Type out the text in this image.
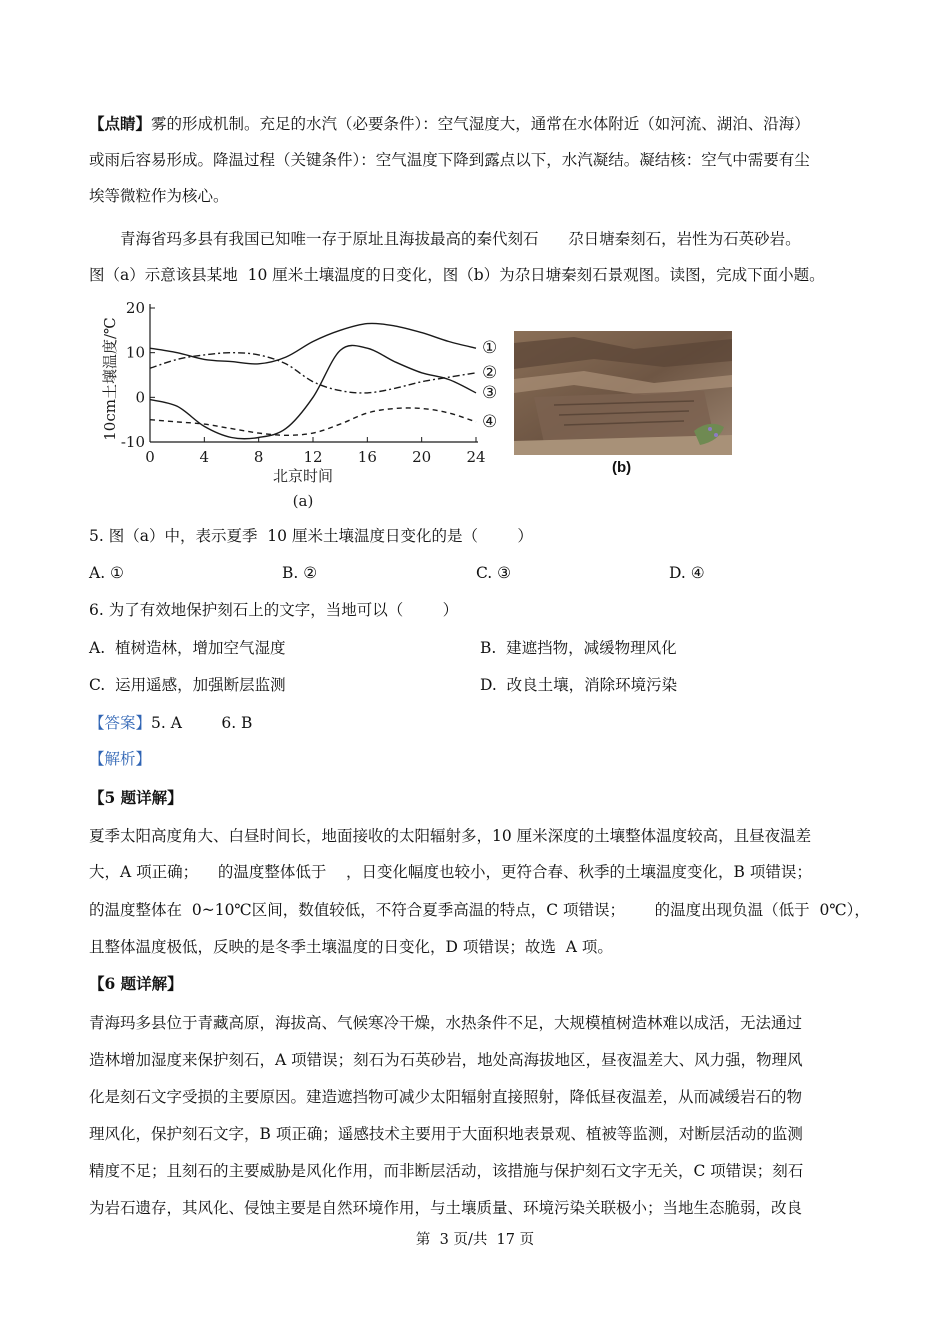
【点睛】雾的形成机制。充足的水汽（必要条件）：空气湿度大，通常在水体附近（如河流、湖泊、沿海）
或雨后容易形成。降温过程（关键条件）：空气温度下降到露点以下，水汽凝结。凝结核：空气中需要有尘
埃等微粒作为核心。
青海省玛多县有我国已知唯一存于原址且海拔最高的秦代刻石      尕日塘秦刻石，岩性为石英砂岩。
图（a）示意该县某地  10 厘米土壤温度的日变化，图（b）为尕日塘秦刻石景观图。读图，完成下面小题。
20
10
0
-10
0	4	8	12 16 20 24
10cm土壤温度/℃
北京时间
(a)
①
②
③
④
(b)
5. 图（a）中，表示夏季  10 厘米土壤温度日变化的是（        ）
A. ①	B. ②	C. ③	D. ④
6. 为了有效地保护刻石上的文字，当地可以（        ）
A.  植树造林，增加空气湿度	B.  建遮挡物，减缓物理风化
C.  运用遥感，加强断层监测	D.  改良土壤，消除环境污染
【答案】5. A        6. B
【解析】
【5 题详解】
夏季太阳高度角大、白昼时间长，地面接收的太阳辐射多，10 厘米深度的土壤整体温度较高，且昼夜温差
大，A 项正确；    的温度整体低于    ，日变化幅度也较小，更符合春、秋季的土壤温度变化，B 项错误；
的温度整体在  0~10℃区间，数值较低，不符合夏季高温的特点，C 项错误；      的温度出现负温（低于  0℃），
且整体温度极低，反映的是冬季土壤温度的日变化，D 项错误；故选  A 项。
【6 题详解】
青海玛多县位于青藏高原，海拔高、气候寒冷干燥，水热条件不足，大规模植树造林难以成活，无法通过
造林增加湿度来保护刻石，A 项错误；刻石为石英砂岩，地处高海拔地区，昼夜温差大、风力强，物理风
化是刻石文字受损的主要原因。建造遮挡物可减少太阳辐射直接照射，降低昼夜温差，从而减缓岩石的物
理风化，保护刻石文字，B 项正确；遥感技术主要用于大面积地表景观、植被等监测，对断层活动的监测
精度不足；且刻石的主要威胁是风化作用，而非断层活动，该措施与保护刻石文字无关，C 项错误；刻石
为岩石遗存，其风化、侵蚀主要是自然环境作用，与土壤质量、环境污染关联极小；当地生态脆弱，改良
第  3 页/共  17 页
